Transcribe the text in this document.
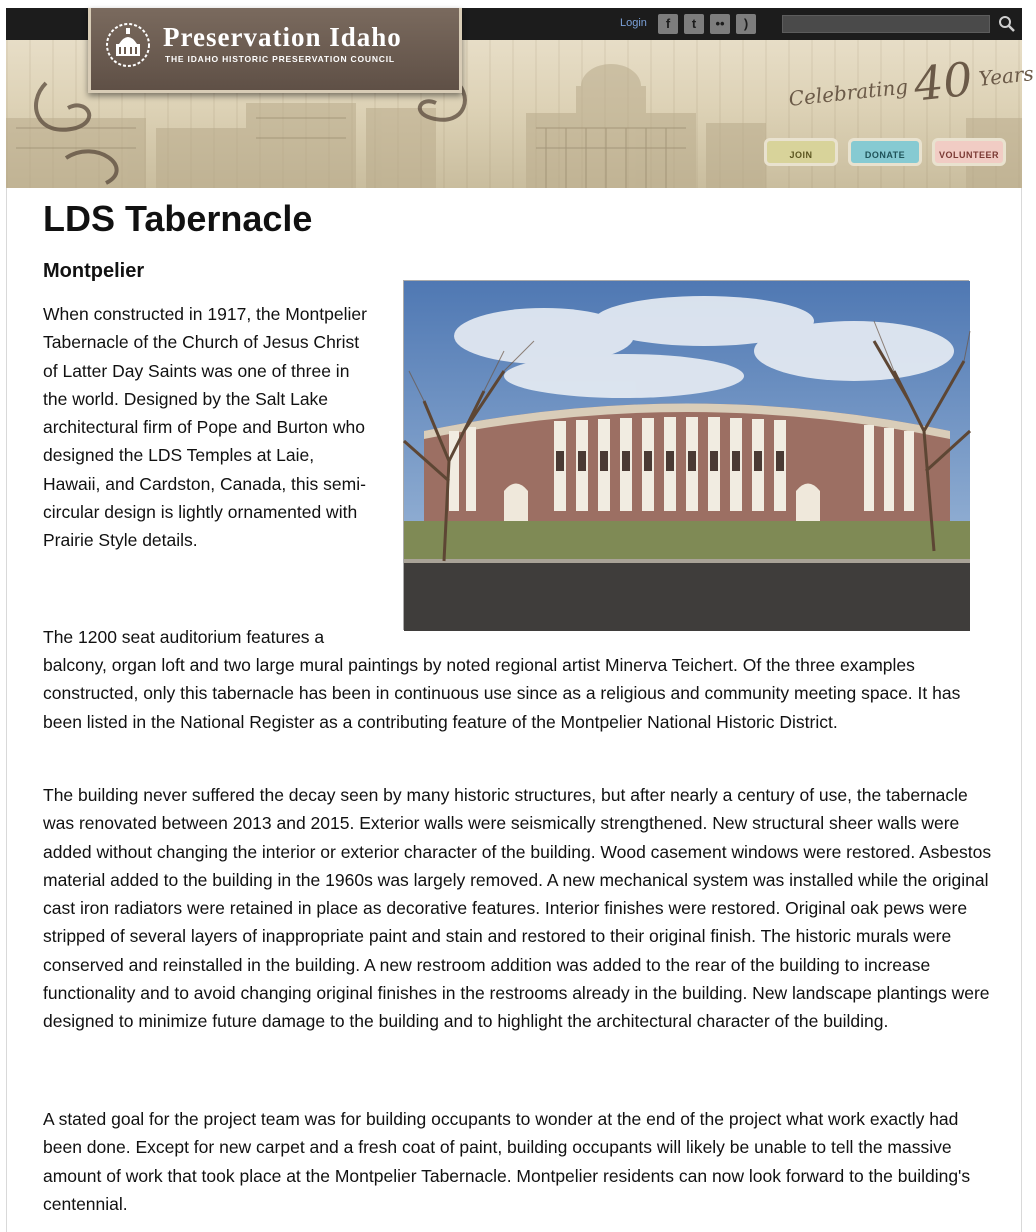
Preservation Idaho
THE IDAHO HISTORIC PRESERVATION COUNCIL
Login	f	t	••	)
Celebrating 40 Years
JOIN	DONATE	VOLUNTEER
LDS Tabernacle
Montpelier

When constructed in 1917, the Montpelier Tabernacle of the Church of Jesus Christ of Latter Day Saints was one of three in the world. Designed by the Salt Lake architectural firm of Pope and Burton who designed the LDS Temples at Laie, Hawaii, and Cardston, Canada, this semi-circular design is lightly ornamented with Prairie Style details.

The 1200 seat auditorium features a

balcony, organ loft and two large mural paintings by noted regional artist Minerva Teichert. Of the three examples constructed, only this tabernacle has been in continuous use since as a religious and community meeting space. It has been listed in the National Register as a contributing feature of the Montpelier National Historic District.

The building never suffered the decay seen by many historic structures, but after nearly a century of use, the tabernacle was renovated between 2013 and 2015. Exterior walls were seismically strengthened. New structural sheer walls were added without changing the interior or exterior character of the building. Wood casement windows were restored. Asbestos material added to the building in the 1960s was largely removed. A new mechanical system was installed while the original cast iron radiators were retained in place as decorative features. Interior finishes were restored. Original oak pews were stripped of several layers of inappropriate paint and stain and restored to their original finish. The historic murals were conserved and reinstalled in the building. A new restroom addition was added to the rear of the building to increase functionality and to avoid changing original finishes in the restrooms already in the building. New landscape plantings were designed to minimize future damage to the building and to highlight the architectural character of the building.

A stated goal for the project team was for building occupants to wonder at the end of the project what work exactly had been done. Except for new carpet and a fresh coat of paint, building occupants will likely be unable to tell the massive amount of work that took place at the Montpelier Tabernacle. Montpelier residents can now look forward to the building's centennial.
